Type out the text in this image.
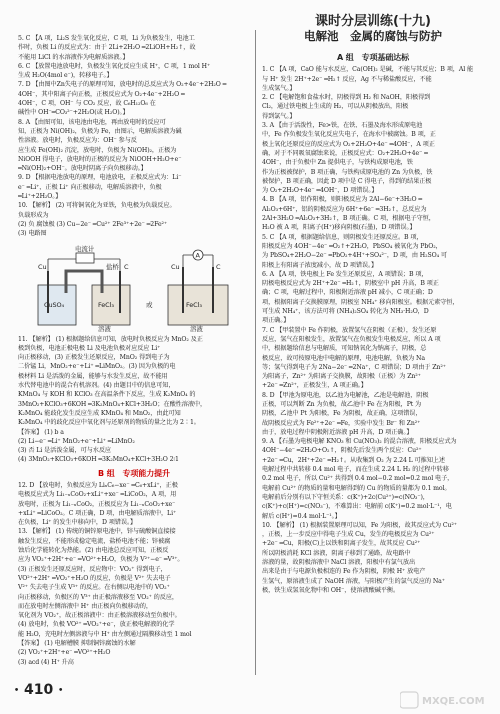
5. C 【A 项，Li₂S 发生氧化反应，C 项，Li 为负极发生，电池工
作时，负极 Li 的反应式为：由于 2Li+2H₂O ═2LiOH+H₂↑，故
不能用 LiCl 的水溶液作为电解质溶液。】
6. C 【放置电池放电时，负极发生氧化反应生成 H⁺，C 项，1 mol H⁺
生成 H₂O(4mol e⁻)，转移电子。】
7. D 【由图中Zn失电子的原理可知，放电时的总反应式为 O₂+4e⁻+2H₂O ═
4OH⁻，其中阳离子向正极，正极反应式为 O₂+4e⁻+2H₂O ═
4OH⁻，C 项，OH⁻ 与 CO₂ 反应，故 C₆H₁₂O₆ 在
碱性中 OH⁻═CO₃²⁻+2H₂O(或 H₂O)。】
8. A 【由图可知，该电池由电池，再由放电时的反应可
知，正极为 Ni(OH)₂，负极为 Fe，由图示，电解质溶液为碱
性溶液。放电时，负极反应为：OH⁻ 参与反
应生成 Fe(OH)₂ 沉淀，放电时，负极为 Ni(OH)₂，正极为
NiOOH 得电子，放电时的正极的反应为 NiOOH+H₂O+e⁻
═Ni(OH)₂+OH⁻。放电时阴离子向负极移动。】
9. D 【根据电池放电的原理，电池放电，正极反应式为：Li⁻
e⁻ ═Li⁺，正极 Li⁺ 向正极移动，电解质溶液中，负极
═Li⁺+2H₂O。】
10. 【解析】 (2) 可将铜氧化为亚铁，负电极为负载反应。
负载形成为
(2) 负 腐蚀极 (3) Cu−2e⁻ ═Cu²⁺ 2Fe³⁺+2e⁻ ═2Fe²⁺
(3) 电路图
Cu
电流计
盐桥 C
CuSO₄	FeCl₃
溶液
或
A
Cu	C
FeCl₃
溶液
11. 【解析】 (1) 根据题给信息可知，放电时负极反应为 MnO₂ 及正
极到负极，电池正极电极 Li 及电池负极对应反应 Li⁺
向正极移动，(3) 正极发生还原反应，MnO₂ 得到电子为
二价锰 Li，MnO₂+e⁻+Li⁺ ═LiMnO₂。(3) 因为负极的电
极材料 Li 是活泼的金属，能够与水发生反应，故不能用
水代替电池中的混合有机溶剂。(4) 由题目中的信息可知，
KMnO₄ 与 KOH 和 KClO₃ 在高温条件下反应，生成 K₂MnO₄ 的
3MnO₂+KClO₃+6KOH ═3K₂MnO₄+KCl+3H₂O；在酸性溶液中，
K₂MnO₄ 能歧化发生反应生成 KMnO₄ 和 MnO₂，由此可知
K₂MnO₄ 中的歧化反应中氧化剂与还原剂的物质的量之比为 2∶1。
【答案】 (1) b a
(2) Li−e⁻ ═Li⁺ MnO₂+e⁻+Li⁺ ═LiMnO₂
(3) 否 Li 是活泼金属，可与水反应
(4) 3MnO₂+KClO₃+6KOH ═3K₂MnO₄+KCl+3H₂O 2∶1
B 组　专项能力提升
12. D 【放电时，负极反应为 LiₓC₆−xe⁻ ═C₆+xLi⁺，正极
电极反应式为 Li₁₋ₓCoO₂+xLi⁺+xe⁻ ═LiCoO₂，A 项，用
放电时，正极为 Li₁₋ₓCoO₂，正极反应为 Li₁₋ₓCoO₂+xe⁻
+xLi⁺ ═LiCoO₂。C 项正确，D 项，由电解质溶液中，Li⁺
在负极，Li⁺ 的发生中移向中，D 项错误。】
13. 【解析】 (1) 传统的铜锌原电池中，锌与硫酸铜直接接
触发生反应，不能形成稳定电流，盐桥电池不能；锌被腐
蚀后化学能转化为热能。(2) 由电池总反应可知，正极反
应为 VO₂⁺+2H⁺+e⁻ ═VO²⁺+H₂O，负极为 V²⁺−e⁻ ═V³⁺。
(3) 正极发生还原反应时，反应物中：VO₂⁺ 得到电子，
VO²⁺+2H⁺ ═VO₂⁺+H₂O 的反应，负极是 V²⁺ 失去电子
V²⁺ 失去电子生成 V³⁺ 的反应。在右侧以电池中的 VO₂⁺
向正极移动，负极区的 V³⁺ 由正极溶液移至 VO₂⁺ 的反应，
而在放电时左侧溶液中 H⁺ 由正极向负极移动的，
氧化剂为 VO₂⁺，故正极溶液中：由正极溶液移动至负极中。
(4) 放电时，负极 VO²⁺ ═VO₂⁺+e⁻，放正极电解液的化学
能 H₂O，充电时左侧溶液与中 H⁺ 由左侧通过隔膜移动至 1 mol
【答案】 (1) 电解槽膜 抑制铜锌腐蚀的水解
(2) VO₂⁺+2H⁺+e⁻ ═VO²⁺+H₂O
(3) acd (4) H⁺ 升高
课时分层训练(十九)
电解池　金属的腐蚀与防护
A 组　专项基础达标
1. C 【A 项，CaO 能与水反应，Ca(OH)₂ 是碱，不能与其反应；B 项，Al 能
与 H⁺ 发生 2H⁺+2e⁻ ═H₂↑ 反应，Ag 不与稀盐酸反应，不能
生成氢气。】
2. C 【电解饱和食盐水时，阴极得到 H₂ 和 NaOH，阳极得到
Cl₂，通过铁电极上生成的 H₂，可以从阴极放出，阳极
得到氯气。】
3. A 【由于活泼性，Fe>铁，在铁、石墨及海水形成原电池
中，Fe 作负极发生氧化反应失电子，在海水中被腐蚀。B 项，正
极上氧化还原反应的反应式为 O₂+2H₂O+4e⁻ ═4OH⁻，A 项正
确，对于不同吸氧腐蚀来说，正极反应式：O₂+2H₂O+4e⁻ ═
4OH⁻，由于负极中 Zn 提供电子，与铁构成原电池，铁
作为正极被保护，B 项正确，与铁构成原电池的 Zn 为负极，铁
被保护，B 项正确，因此 D 项中是 C 得电子，得到的结果正极
为 O₂+2H₂O+4e⁻ ═4OH⁻，D 项错误。】
4. B 【A 项，铝作阳极，则阳极反应为 2Al−6e⁻+3H₂O ═
Al₂O₃+6H⁺，铝的阴极反应为 6H⁺+6e⁻ ═3H₂↑，总反应为
2Al+3H₂O ═Al₂O₃+3H₂↑，B 项正确。C 项，根据电子守恒，
H₂O 被 A 项，阳离子(H⁺)移向阴极(石墨)，D 项错误。】
5. C 【A 项，根据题给信息，则阴极发生还原反应。B 项，
阳极反应为 4OH⁻−4e⁻ ═O₂↑+2H₂O，PbSO₄ 被氧化为 PbO₂，
为 PbSO₄+2H₂O−2e⁻ ═PbO₂+4H⁺+SO₄²⁻，D 项，由 H₂SO₄ 可
阳极上有阳离子浓度减小，故 D 项错误。】
6. A 【A 项，铁电极上 Fe 发生还原反应，A 项错误；B 项，
阴极电极反应式为 2H⁺+2e⁻ ═H₂↑，阴极室中 pH 升高，B 项正
确；C 项，电解过程中，阳极附近溶液 pH 减小，C 项正确；D
项，根据阳离子交换膜原理，阴极室 NH₄⁺ 移向阳极室。根据元素守恒，
可生成 NH₄⁺，该方法可将 (NH₄)₂SO₄ 转化为 NH₃·H₂O，D
项正确。】
7. C 【甲装置中 Fe 作阴极，放置氢气在阴极（正极），发生还原
反应，氢气在阳极发生，放置氢气在负极发生电极反应，所以 A 项
中，根据题给信息与电解质，可知钠氧化为钠离子，阴极，总
极反应，故可按原电池中电解的原理，电池电解，负极为 Na
等；氢气得到电子为 2Na−2e⁻ ═2Na⁺，C 项错误；D 项由于 Zn²⁺
为阳离子，Zn²⁺ 为阳离子交换膜，故阳极（正极）为 Zn²⁺
+2e⁻ ═Zn²⁺，正极发生，A 项正确。】
8. D 【甲池为原电池，以乙池为电解池，乙池是电解池，阴极
正极，可以判断 Zn 为负极，故乙池中 Fe 在为阳极，Pt 为
阴极，乙池中 Pt 为阳极，Fe 为阴极，故正确，这项错误，
故阴极反应式为 Fe²⁺+2e⁻ ═Fe，实验中发生 Br⁻ 和 Zn²⁺
由于，放电过程中阴极附近溶液 pH 升高，D 项正确。】
9. A 【石墨为电极电解 KNO₃ 和 Cu(NO₃)₂ 的混合溶液，阳极反应式为
4OH⁻−4e⁻ ═2H₂O+O₂↑，阴极先后发生两个反应：Cu²⁺
+2e⁻ ═Cu，2H⁺+2e⁻ ═H₂↑。从收集到 O₂ 为 2.24 L 可推知上述
电解过程中共转移 0.4 mol 电子，而在生成 2.24 L H₂ 的过程中转移
0.2 mol 电子，所以 Cu²⁺ 共得到 0.4 mol−0.2 mol=0.2 mol 电子，
电解前 Cu²⁺ 的物质的量和电解得到的 Cu 的物质的量都为 0.1 mol。
电解前后分别有以下守恒关系：c(K⁺)+2c(Cu²⁺)=c(NO₃⁻)，
c(K⁺)+c(H⁺)=c(NO₃⁻)，不难算出：电解前 c(K⁺)=0.2 mol·L⁻¹，电
解后 c(H⁺)=0.4 mol·L⁻¹。】
10. 【解析】 (1) 根据装置原理可以知，Fe 为阳极，故其反应式为 Cu²⁺
，正极，上一步反应中得电子生成 Cu，发生的电极反应为 Cu²⁺
+2e⁻ ═Cu，阳极(C)上以铁和阴离子发生，故其反应 Cu²⁺
所以阴极消耗 KCl 溶液，阴离子移到了通路，故电路中
溶液的量，故阴极溶液中 NaCl 溶液，阳极中有氯气放出
出来是由于与电源负极相连的 Fe 作为阴极，阴极 H⁺ 放电产
生氢气，原溶液生成了 NaOH 溶液，与阳极产生的氯气反应的 Na⁺
极，铁生成氢氧化物中和 OH⁻，使溶液酸碱平衡。
• 410 •
MXQE.COM
